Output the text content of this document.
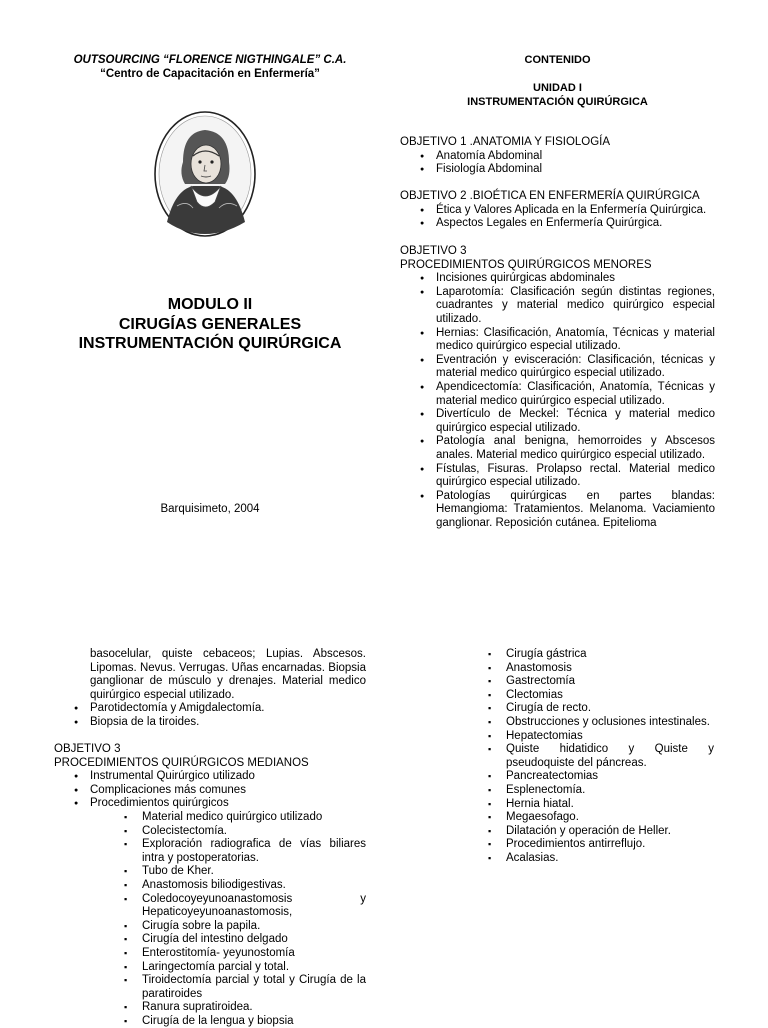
OUTSOURCING “FLORENCE NIGTHINGALE” C.A.
“Centro de Capacitación en Enfermería”
MODULO II
CIRUGÍAS GENERALES
INSTRUMENTACIÓN QUIRÚRGICA
Barquisimeto, 2004
CONTENIDO
UNIDAD I
INSTRUMENTACIÓN QUIRÚRGICA
OBJETIVO 1 .ANATOMIA Y FISIOLOGÍA
● Anatomía Abdominal
● Fisiología Abdominal
OBJETIVO 2 .BIOÉTICA EN ENFERMERÍA QUIRÚRGICA
● Ética y Valores Aplicada en la Enfermería Quirúrgica.
● Aspectos Legales en Enfermería Quirúrgica.
OBJETIVO 3
PROCEDIMIENTOS QUIRÚRGICOS MENORES
● Incisiones quirúrgicas abdominales
● Laparotomía: Clasificación según distintas regiones, cuadrantes y material medico quirúrgico especial utilizado.
● Hernias: Clasificación, Anatomía, Técnicas y material medico quirúrgico especial utilizado.
● Eventración y evisceración: Clasificación, técnicas y material medico quirúrgico especial utilizado.
● Apendicectomía: Clasificación, Anatomía, Técnicas y material medico quirúrgico especial utilizado.
● Divertículo de Meckel: Técnica y material medico quirúrgico especial utilizado.
● Patología anal benigna, hemorroides y Abscesos anales. Material medico quirúrgico especial utilizado.
● Fístulas, Fisuras. Prolapso rectal. Material medico quirúrgico especial utilizado.
● Patologías quirúrgicas en partes blandas: Hemangioma: Tratamientos. Melanoma. Vaciamiento ganglionar. Reposición cutánea. Epitelioma
basocelular, quiste cebaceos; Lupias. Abscesos. Lipomas. Nevus. Verrugas. Uñas encarnadas. Biopsia ganglionar de músculo y drenajes. Material medico quirúrgico especial utilizado.
● Parotidectomía y Amigdalectomía.
● Biopsia de la tiroides.
OBJETIVO 3
PROCEDIMIENTOS QUIRÚRGICOS MEDIANOS
● Instrumental Quirúrgico utilizado
● Complicaciones más comunes
● Procedimientos quirúrgicos
▪ Material medico quirúrgico utilizado
▪ Colecistectomía.
▪ Exploración radiografica de vías biliares intra y postoperatorias.
▪ Tubo de Kher.
▪ Anastomosis biliodigestivas.
▪ Coledocoyeyunoanastomosis y Hepaticoyeyunoanastomosis,
▪ Cirugía sobre la papila.
▪ Cirugía del intestino delgado
▪ Enterostitomía- yeyunostomía
▪ Laringectomía parcial y total.
▪ Tiroidectomía parcial y total y Cirugía de la paratiroides
▪ Ranura supratiroidea.
▪ Cirugía de la lengua y biopsia
▪ Cirugía gástrica
▪ Anastomosis
▪ Gastrectomía
▪ Clectomias
▪ Cirugía de recto.
▪ Obstrucciones y oclusiones intestinales.
▪ Hepatectomias
▪ Quiste hidatidico y Quiste y pseudoquiste del páncreas.
▪ Pancreatectomias
▪ Esplenectomía.
▪ Hernia hiatal.
▪ Megaesofago.
▪ Dilatación y operación de Heller.
▪ Procedimientos antirreflujo.
▪ Acalasias.
